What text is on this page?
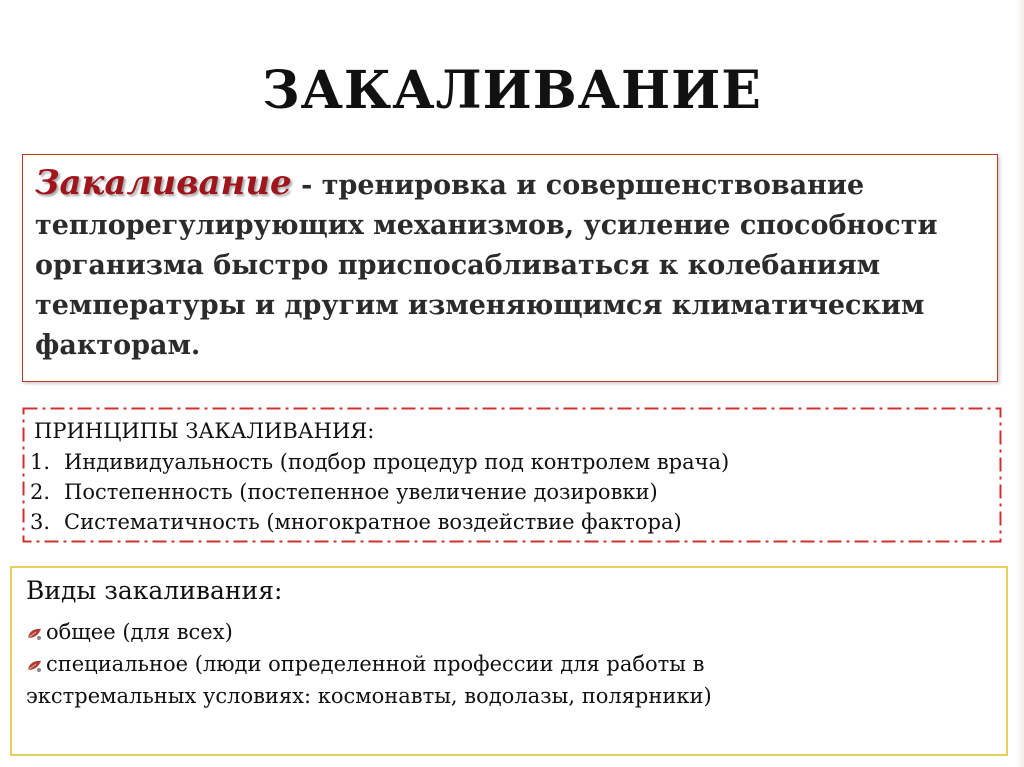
ЗАКАЛИВАНИЕ
Закаливание - тренировка и совершенствование
теплорегулирующих механизмов, усиление способности
организма быстро приспосабливаться к колебаниям
температуры и другим изменяющимся климатическим
факторам.
ПРИНЦИПЫ ЗАКАЛИВАНИЯ:
1. Индивидуальность (подбор процедур под контролем врача)
2. Постепенность (постепенное увеличение дозировки)
3. Систематичность (многократное воздействие фактора)
Виды закаливания:
общее (для всех)
специальное (люди определенной профессии для работы в
экстремальных условиях: космонавты, водолазы, полярники)
